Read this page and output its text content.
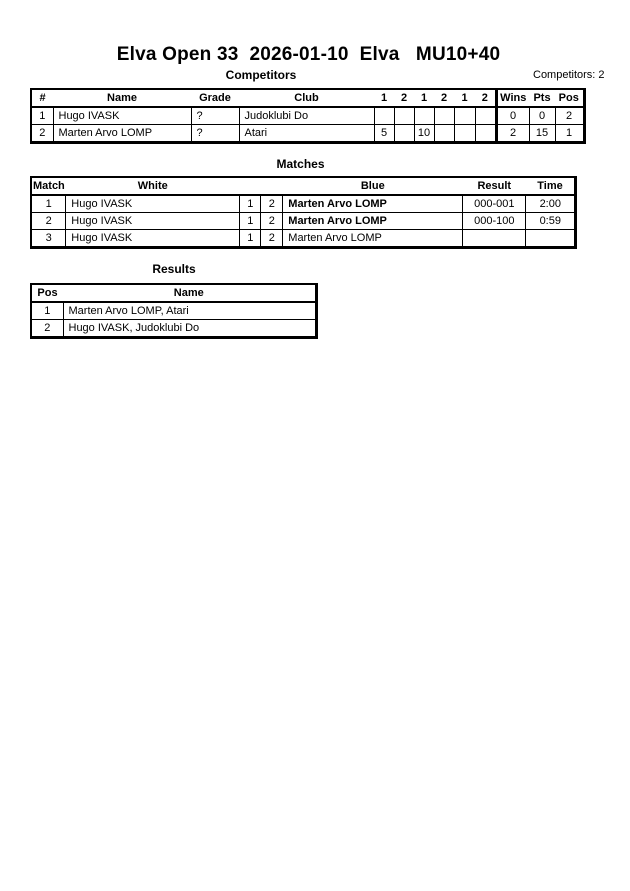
Elva Open 33  2026-01-10  Elva   MU10+40
Competitors	Competitors: 2
#	Name	Grade	Club	1	2	1	2	1	2	Wins	Pts	Pos
1	Hugo IVASK	?	Judoklubi Do							0	0	2
2	Marten Arvo LOMP	?	Atari	5		10				2	15	1
Matches
Match	White			Blue	Result	Time
1	Hugo IVASK	1	2	Marten Arvo LOMP	000-001	2:00
2	Hugo IVASK	1	2	Marten Arvo LOMP	000-100	0:59
3	Hugo IVASK	1	2	Marten Arvo LOMP		
Results
Pos	Name
1	Marten Arvo LOMP, Atari
2	Hugo IVASK, Judoklubi Do
